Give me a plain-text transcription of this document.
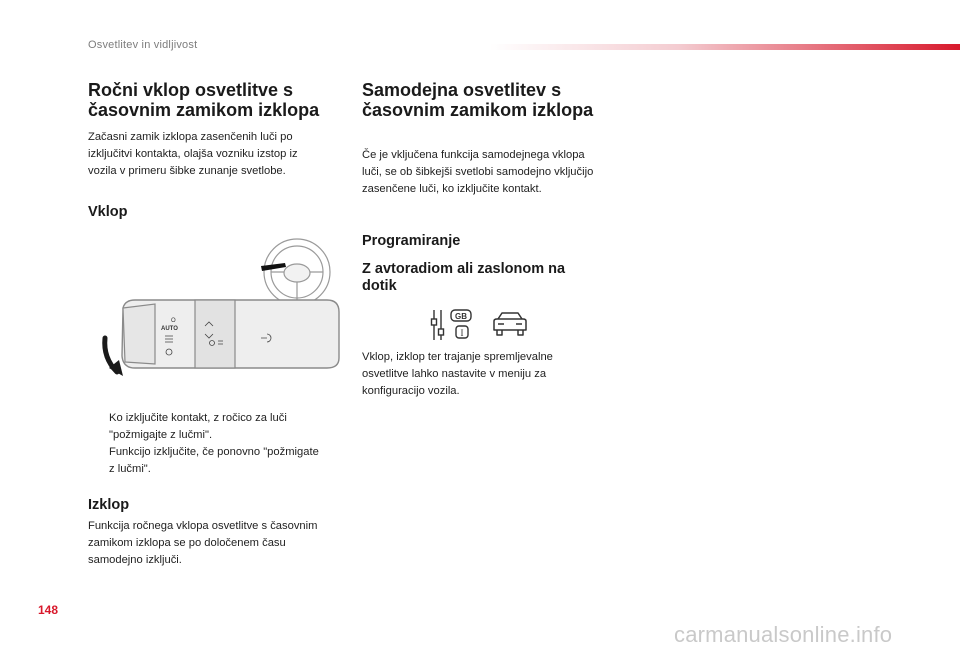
Osvetlitev in vidljivost
Ročni vklop osvetlitve s
časovnim zamikom izklopa

Začasni zamik izklopa zasenčenih luči po
izključitvi kontakta, olajša vozniku izstop iz
vozila v primeru šibke zunanje svetlobe.

Vklop
O
AUTO
Ko izključite kontakt, z ročico za luči
"požmigajte z lučmi".
Funkcijo izključite, če ponovno "požmigate
z lučmi".
Izklop

Funkcija ročnega vklopa osvetlitve s časovnim
zamikom izklopa se po določenem času
samodejno izključi.

Samodejna osvetlitev s
časovnim zamikom izklopa

Če je vključena funkcija samodejnega vklopa
luči, se ob šibkejši svetlobi samodejno vključijo
zasenčene luči, ko izključite kontakt.

Programiranje
Z avtoradiom ali zaslonom na
dotik
GB
I

Vklop, izklop ter trajanje spremljevalne
osvetlitve lahko nastavite v meniju za
konfiguracijo vozila.

148
carmanualsonline.info
